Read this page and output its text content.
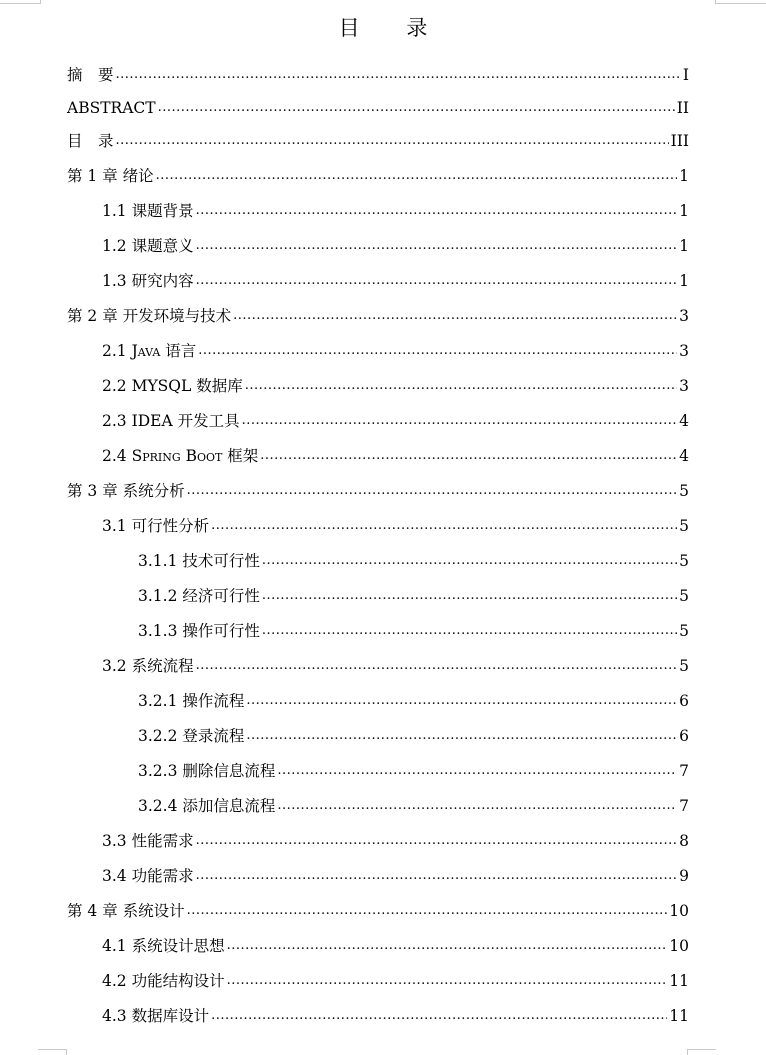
目 录
摘　要 .....	I
ABSTRACT .....	II
目　录 .....	III
第 1 章 绪论 .....	1
1.1 课题背景 .....	1
1.2 课题意义 .....	1
1.3 研究内容 .....	1
第 2 章 开发环境与技术 .....	3
2.1 Java 语言 .....	3
2.2 MYSQL 数据库 .....	3
2.3 IDEA 开发工具 .....	4
2.4 Spring Boot 框架 .....	4
第 3 章 系统分析 .....	5
3.1 可行性分析 .....	5
3.1.1 技术可行性 .....	5
3.1.2 经济可行性 .....	5
3.1.3 操作可行性 .....	5
3.2 系统流程 .....	5
3.2.1 操作流程 .....	6
3.2.2 登录流程 .....	6
3.2.3 删除信息流程 .....	7
3.2.4 添加信息流程 .....	7
3.3 性能需求 .....	8
3.4 功能需求 .....	9
第 4 章 系统设计 .....	10
4.1 系统设计思想 .....	10
4.2 功能结构设计 .....	11
4.3 数据库设计 .....	11
